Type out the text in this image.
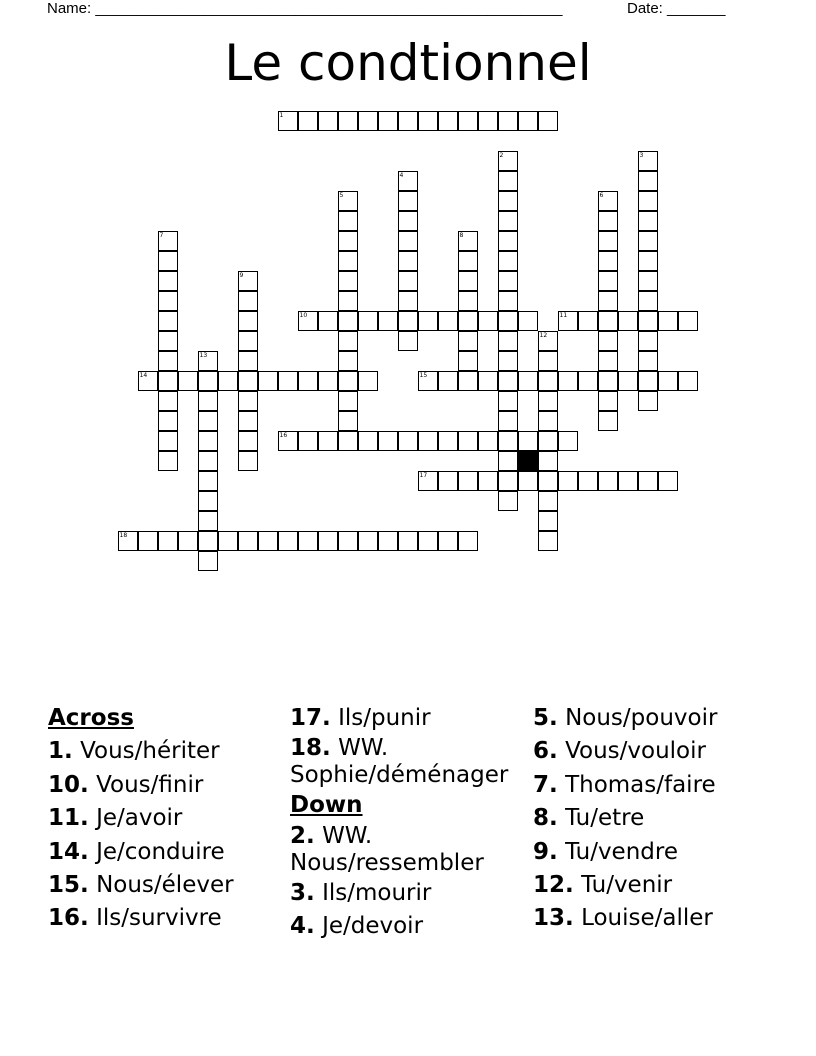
Name: ________________________________________________________	Date: _______
Le condtionnel
1
2	3
4
5	6
7	8
9
10	11
12
13
14	15
16
17
18
Across
1. Vous/hériter
10. Vous/finir
11. Je/avoir
14. Je/conduire
15. Nous/élever
16. Ils/survivre
17. Ils/punir
18. WW. Sophie/déménager
Down
2. WW. Nous/ressembler
3. Ils/mourir
4. Je/devoir
5. Nous/pouvoir
6. Vous/vouloir
7. Thomas/faire
8. Tu/etre
9. Tu/vendre
12. Tu/venir
13. Louise/aller
